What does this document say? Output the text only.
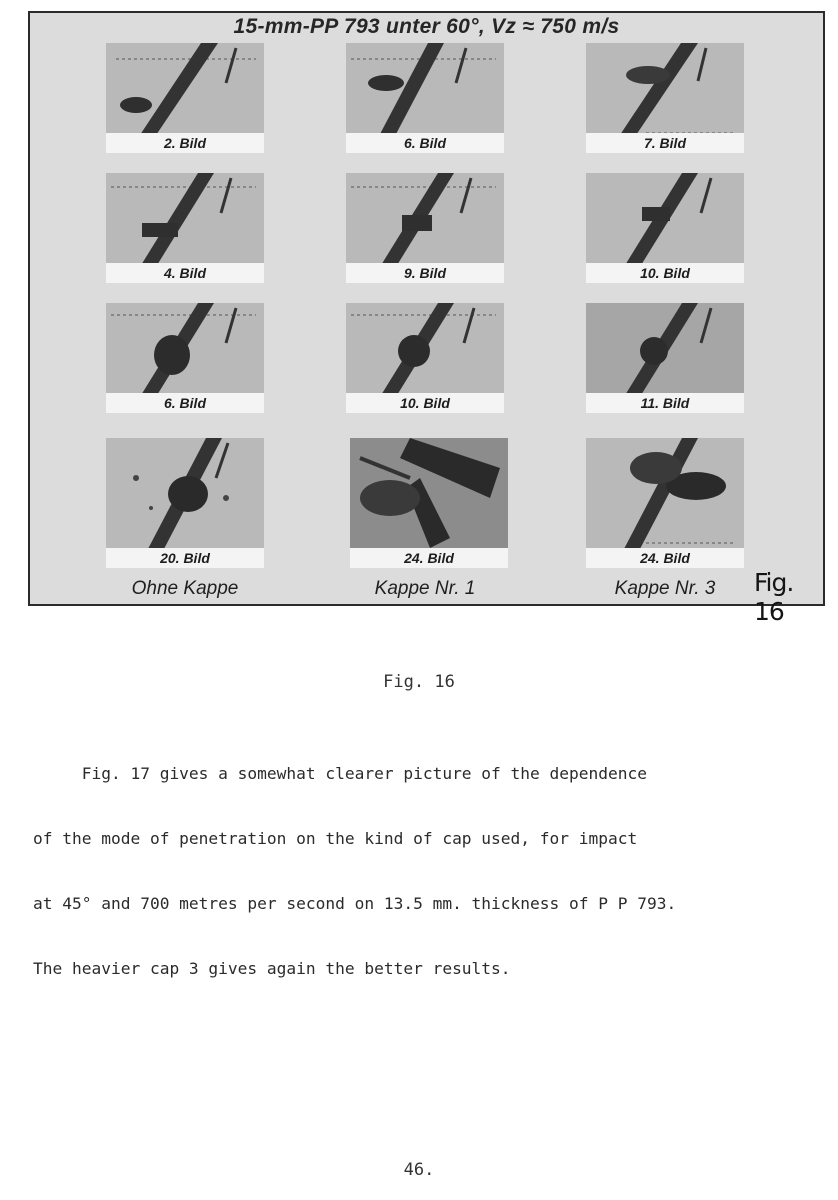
15-mm-PP 793 unter 60°, Vz ≈ 750 m/s
2. Bild	6. Bild	7. Bild
4. Bild	9. Bild	10. Bild
6. Bild	10. Bild	11. Bild
20. Bild	24. Bild	24. Bild
Ohne Kappe	Kappe Nr. 1	Kappe Nr. 3	Fig. 16
Fig. 16

Fig. 17 gives a somewhat clearer picture of the dependence

of the mode of penetration on the kind of cap used, for impact

at 45° and 700 metres per second on 13.5 mm. thickness of P P 793.

The heavier cap 3 gives again the better results.

46.
